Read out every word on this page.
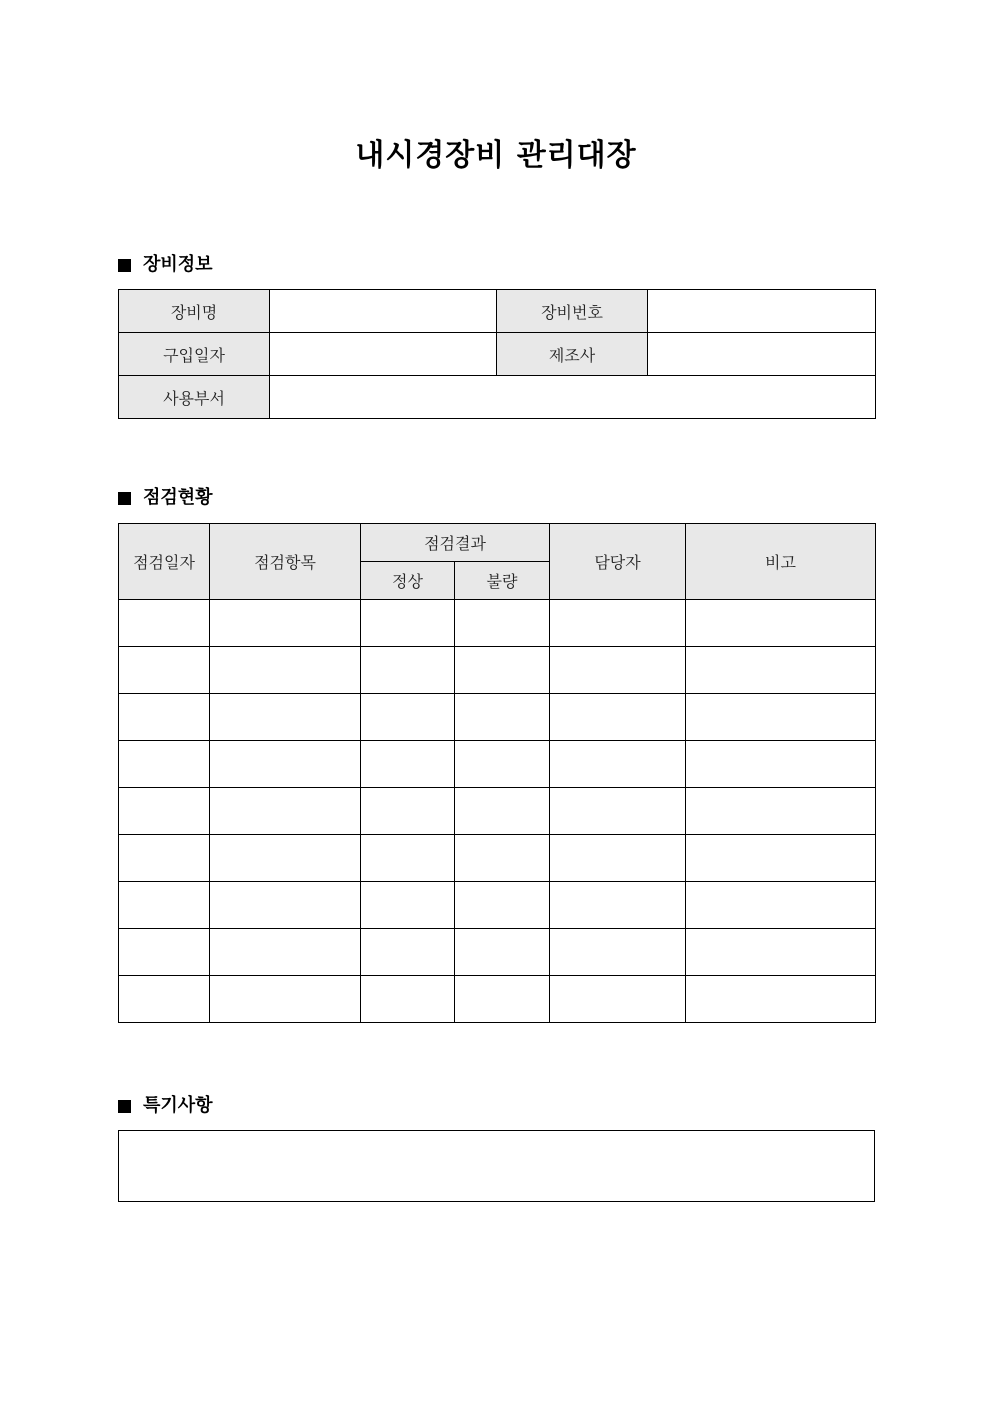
내시경장비 관리대장
장비정보
장비명		장비번호	
구입일자		제조사	
사용부서			
점검현황
점검일자	점검항목	점검결과		담당자	비고
		정상	불량		

특기사항
